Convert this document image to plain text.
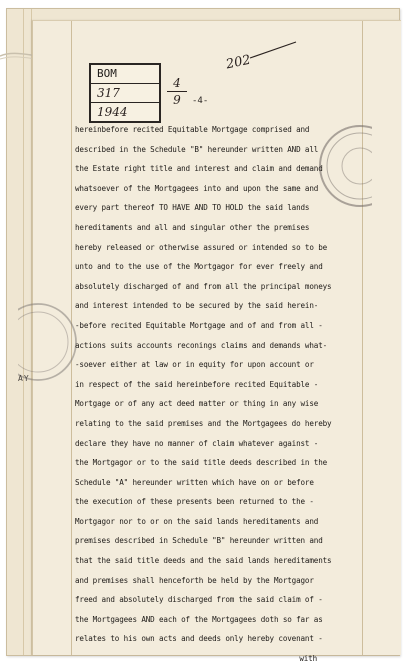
BOM
317
1944
4
9	-4-
202
AY
hereinbefore recited Equitable Mortgage comprised and
described in the Schedule "B" hereunder written AND all
the Estate right title and interest and claim and demand
whatsoever of the Mortgagees into and upon the same and
every part thereof TO HAVE AND TO HOLD the said lands
hereditaments and all and singular other the premises
hereby released or otherwise assured or intended so to be
unto and to the use of the Mortgagor for ever freely and
absolutely discharged of and from all the principal moneys
and interest intended to be secured by the said herein-
-before recited Equitable Mortgage and of and from all -
actions suits accounts reconings claims and demands what-
-soever either at law or in equity for upon account or
in respect of the said hereinbefore recited Equitable -
Mortgage or of any act deed matter or thing in any wise
relating to the said premises and the Mortgagees do hereby
declare they have no manner of claim whatever against -
the Mortgagor or to the said title deeds described in the
Schedule "A" hereunder written which have on or before
the execution of these presents been returned to the -
Mortgagor nor to or on the said lands hereditaments and
premises described in Schedule "B" hereunder written and
that the said title deeds and the said lands hereditaments
and premises shall henceforth be held by the Mortgagor
freed and absolutely discharged from the said claim of -
the Mortgagees AND each of the Mortgagees doth so far as
relates to his own acts and deeds only hereby covenant -
with
